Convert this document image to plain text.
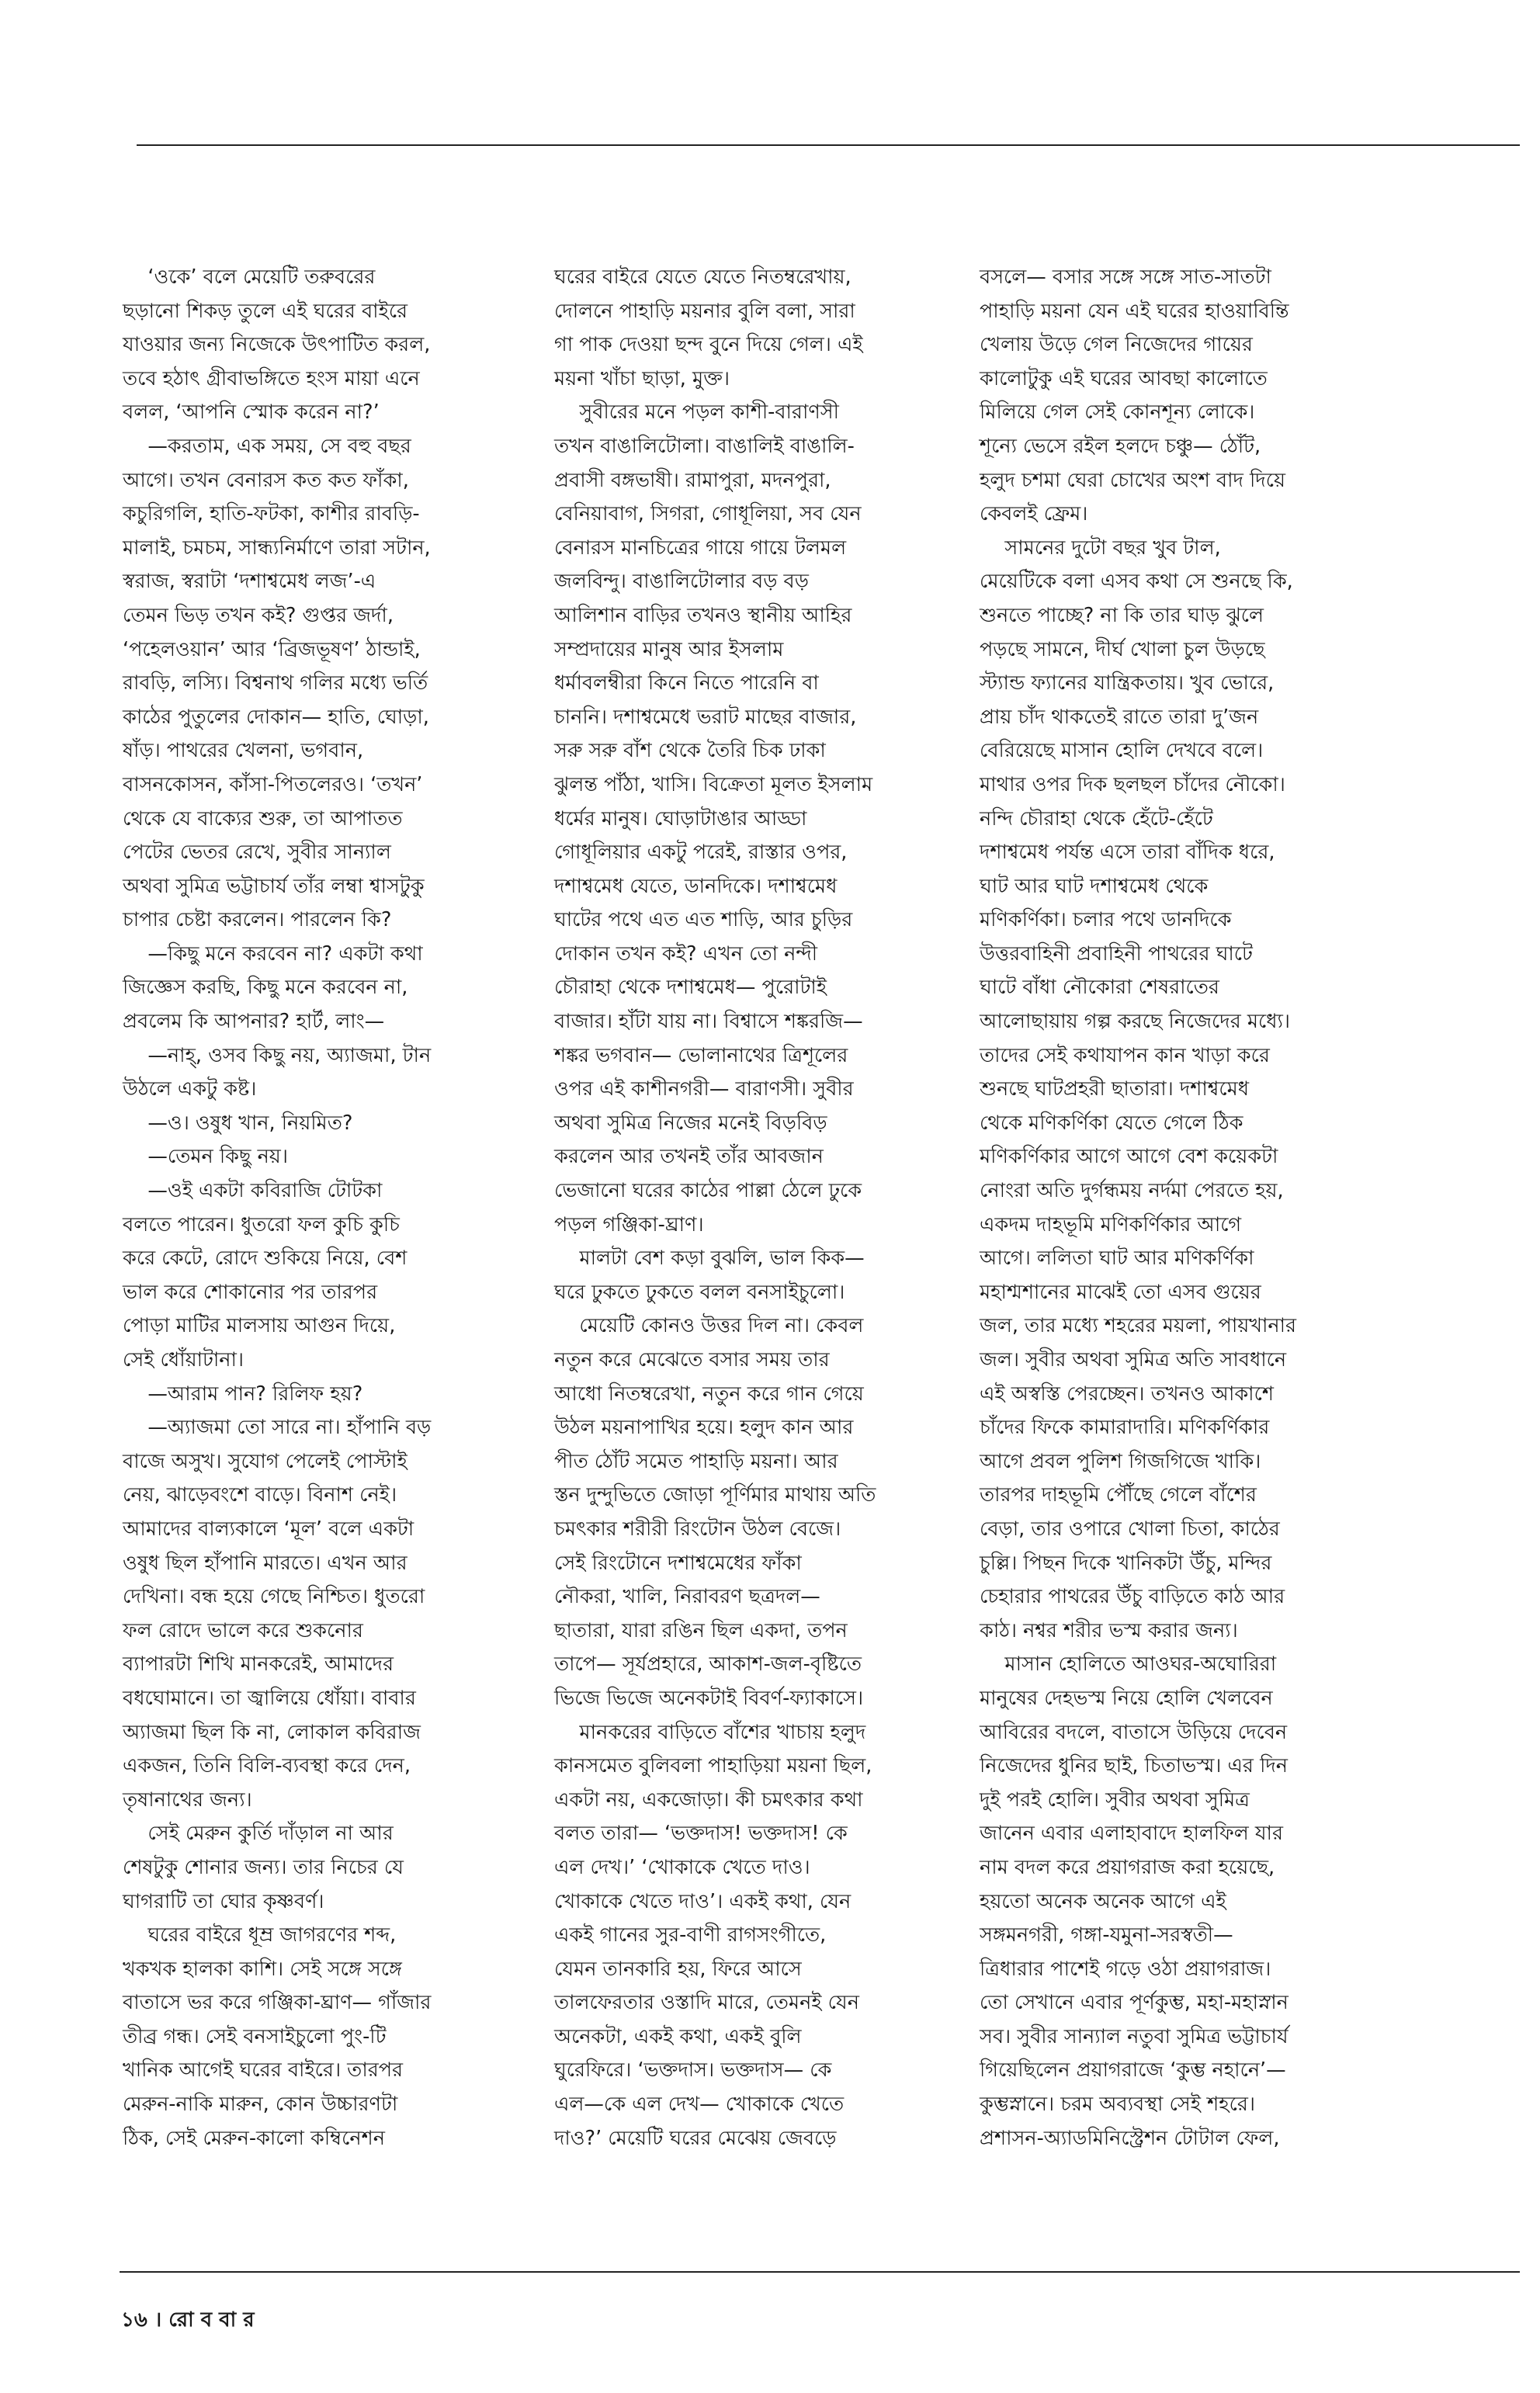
‘ওকে’ বলে মেয়েটি তরুবরের

ছড়ানো শিকড় তুলে এই ঘরের বাইরে

যাওয়ার জন্য নিজেকে উৎপাটিত করল,

তবে হঠাৎ গ্রীবাভঙ্গিতে হংস মায়া এনে

বলল, ‘আপনি স্মোক করেন না?’

—করতাম, এক সময়, সে বহু বছর

আগে। তখন বেনারস কত কত ফাঁকা,

কচুরিগলি, হাতি-ফটকা, কাশীর রাবড়ি-

মালাই, চমচম, সান্ধ্যনির্মাণে তারা সটান,

স্বরাজ, স্বরাটা ‘দশাশ্বমেধ লজ’-এ

তেমন ভিড় তখন কই? গুপ্তর জর্দা,

‘পহেলওয়ান’ আর ‘ব্রিজভূষণ’ ঠান্ডাই,

রাবড়ি, লস্যি। বিশ্বনাথ গলির মধ্যে ভর্তি

কাঠের পুতুলের দোকান— হাতি, ঘোড়া,

ষাঁড়। পাথরের খেলনা, ভগবান,

বাসনকোসন, কাঁসা-পিতলেরও। ‘তখন’

থেকে যে বাক্যের শুরু, তা আপাতত

পেটের ভেতর রেখে, সুবীর সান্যাল

অথবা সুমিত্র ভট্টাচার্য তাঁর লম্বা শ্বাসটুকু

চাপার চেষ্টা করলেন। পারলেন কি?

—কিছু মনে করবেন না? একটা কথা

জিজ্ঞেস করছি, কিছু মনে করবেন না,

প্রবলেম কি আপনার? হার্ট, লাং—

—নাহ্, ওসব কিছু নয়, অ্যাজমা, টান

উঠলে একটু কষ্ট।

—ও। ওষুধ খান, নিয়মিত?

—তেমন কিছু নয়।

—ওই একটা কবিরাজি টোটকা

বলতে পারেন। ধুতরো ফল কুচি কুচি

করে কেটে, রোদে শুকিয়ে নিয়ে, বেশ

ভাল করে শোকানোর পর তারপর

পোড়া মাটির মালসায় আগুন দিয়ে,

সেই ধোঁয়াটানা।

—আরাম পান? রিলিফ হয়?

—অ্যাজমা তো সারে না। হাঁপানি বড়

বাজে অসুখ। সুযোগ পেলেই পোস্টাই

নেয়, ঝাড়েবংশে বাড়ে। বিনাশ নেই।

আমাদের বাল্যকালে ‘মূল’ বলে একটা

ওষুধ ছিল হাঁপানি মারতে। এখন আর

দেখিনা। বন্ধ হয়ে গেছে নিশ্চিত। ধুতরো

ফল রোদে ভালে করে শুকনোর

ব্যাপারটা শিখি মানকরেই, আমাদের

বধঘোমানে। তা জ্বালিয়ে ধোঁয়া। বাবার

অ্যাজমা ছিল কি না, লোকাল কবিরাজ

একজন, তিনি বিলি-ব্যবস্থা করে দেন,

তৃষানাথের জন্য।

সেই মেরুন কুর্তি দাঁড়াল না আর

শেষটুকু শোনার জন্য। তার নিচের যে

ঘাগরাটি তা ঘোর কৃষ্ণবর্ণ।

ঘরের বাইরে ধূম্র জাগরণের শব্দ,

খকখক হালকা কাশি। সেই সঙ্গে সঙ্গে

বাতাসে ভর করে গঞ্জিকা-ঘ্রাণ— গাঁজার

তীব্র গন্ধ। সেই বনসাইচুলো পুং-টি

খানিক আগেই ঘরের বাইরে। তারপর

মেরুন-নাকি মারুন, কোন উচ্চারণটা

ঠিক, সেই মেরুন-কালো কম্বিনেশন

ঘরের বাইরে যেতে যেতে নিতম্বরেখায়,

দোলনে পাহাড়ি ময়নার বুলি বলা, সারা

গা পাক দেওয়া ছন্দ বুনে দিয়ে গেল। এই

ময়না খাঁচা ছাড়া, মুক্ত।

সুবীরের মনে পড়ল কাশী-বারাণসী

তখন বাঙালিটোলা। বাঙালিই বাঙালি-

প্রবাসী বঙ্গভাষী। রামাপুরা, মদনপুরা,

বেনিয়াবাগ, সিগরা, গোধূলিয়া, সব যেন

বেনারস মানচিত্রের গায়ে গায়ে টলমল

জলবিন্দু। বাঙালিটোলার বড় বড়

আলিশান বাড়ির তখনও স্থানীয় আহির

সম্প্রদায়ের মানুষ আর ইসলাম

ধর্মাবলম্বীরা কিনে নিতে পারেনি বা

চাননি। দশাশ্বমেধে ভরাট মাছের বাজার,

সরু সরু বাঁশ থেকে তৈরি চিক ঢাকা

ঝুলন্ত পাঁঠা, খাসি। বিক্রেতা মূলত ইসলাম

ধর্মের মানুষ। ঘোড়াটাঙার আড্ডা

গোধূলিয়ার একটু পরেই, রাস্তার ওপর,

দশাশ্বমেধ যেতে, ডানদিকে। দশাশ্বমেধ

ঘাটের পথে এত এত শাড়ি, আর চুড়ির

দোকান তখন কই? এখন তো নন্দী

চৌরাহা থেকে দশাশ্বমেধ— পুরোটাই

বাজার। হাঁটা যায় না। বিশ্বাসে শঙ্করজি—

শঙ্কর ভগবান— ভোলানাথের ত্রিশূলের

ওপর এই কাশীনগরী— বারাণসী। সুবীর

অথবা সুমিত্র নিজের মনেই বিড়বিড়

করলেন আর তখনই তাঁর আবজান

ভেজানো ঘরের কাঠের পাল্লা ঠেলে ঢুকে

পড়ল গঞ্জিকা-ঘ্রাণ।

মালটা বেশ কড়া বুঝলি, ভাল কিক—

ঘরে ঢুকতে ঢুকতে বলল বনসাইচুলো।

মেয়েটি কোনও উত্তর দিল না। কেবল

নতুন করে মেঝেতে বসার সময় তার

আধো নিতম্বরেখা, নতুন করে গান গেয়ে

উঠল ময়নাপাখির হয়ে। হলুদ কান আর

পীত ঠোঁট সমেত পাহাড়ি ময়না। আর

স্তন দুন্দুভিতে জোড়া পূর্ণিমার মাথায় অতি

চমৎকার শরীরী রিংটোন উঠল বেজে।

সেই রিংটোনে দশাশ্বমেধের ফাঁকা

নৌকরা, খালি, নিরাবরণ ছত্রদল—

ছাতারা, যারা রঙিন ছিল একদা, তপন

তাপে— সূর্যপ্রহারে, আকাশ-জল-বৃষ্টিতে

ভিজে ভিজে অনেকটাই বিবর্ণ-ফ্যাকাসে।

মানকরের বাড়িতে বাঁশের খাচায় হলুদ

কানসমেত বুলিবলা পাহাড়িয়া ময়না ছিল,

একটা নয়, একজোড়া। কী চমৎকার কথা

বলত তারা— ‘ভক্তদাস! ভক্তদাস! কে

এল দেখ।’ ‘খোকাকে খেতে দাও।

খোকাকে খেতে দাও’। একই কথা, যেন

একই গানের সুর-বাণী রাগসংগীতে,

যেমন তানকারি হয়, ফিরে আসে

তালফেরতার ওস্তাদি মারে, তেমনই যেন

অনেকটা, একই কথা, একই বুলি

ঘুরেফিরে। ‘ভক্তদাস। ভক্তদাস— কে

এল—কে এল দেখ— খোকাকে খেতে

দাও?’ মেয়েটি ঘরের মেঝেয় জেবড়ে

বসলে— বসার সঙ্গে সঙ্গে সাত-সাতটা

পাহাড়ি ময়না যেন এই ঘরের হাওয়াবিন্তি

খেলায় উড়ে গেল নিজেদের গায়ের

কালোটুকু এই ঘরের আবছা কালোতে

মিলিয়ে গেল সেই কোনশূন্য লোকে।

শূন্যে ভেসে রইল হলদে চঞ্চু— ঠোঁট,

হলুদ চশমা ঘেরা চোখের অংশ বাদ দিয়ে

কেবলই ফ্রেম।

সামনের দুটো বছর খুব টাল,

মেয়েটিকে বলা এসব কথা সে শুনছে কি,

শুনতে পাচ্ছে? না কি তার ঘাড় ঝুলে

পড়ছে সামনে, দীর্ঘ খোলা চুল উড়ছে

স্ট্যান্ড ফ্যানের যান্ত্রিকতায়। খুব ভোরে,

প্রায় চাঁদ থাকতেই রাতে তারা দু’জন

বেরিয়েছে মাসান হোলি দেখবে বলে।

মাথার ওপর দিক ছলছল চাঁদের নৌকো।

নন্দি চৌরাহা থেকে হেঁটে-হেঁটে

দশাশ্বমেধ পর্যন্ত এসে তারা বাঁদিক ধরে,

ঘাট আর ঘাট দশাশ্বমেধ থেকে

মণিকর্ণিকা। চলার পথে ডানদিকে

উত্তরবাহিনী প্রবাহিনী পাথরের ঘাটে

ঘাটে বাঁধা নৌকোরা শেষরাতের

আলোছায়ায় গল্প করছে নিজেদের মধ্যে।

তাদের সেই কথাযাপন কান খাড়া করে

শুনছে ঘাটপ্রহরী ছাতারা। দশাশ্বমেধ

থেকে মণিকর্ণিকা যেতে গেলে ঠিক

মণিকর্ণিকার আগে আগে বেশ কয়েকটা

নোংরা অতি দুর্গন্ধময় নর্দমা পেরতে হয়,

একদম দাহভূমি মণিকর্ণিকার আগে

আগে। ললিতা ঘাট আর মণিকর্ণিকা

মহাশ্মশানের মাঝেই তো এসব গুয়ের

জল, তার মধ্যে শহরের ময়লা, পায়খানার

জল। সুবীর অথবা সুমিত্র অতি সাবধানে

এই অস্বস্তি পেরচ্ছেন। তখনও আকাশে

চাঁদের ফিকে কামারাদারি। মণিকর্ণিকার

আগে প্রবল পুলিশ গিজগিজে খাকি।

তারপর দাহভূমি পৌঁছে গেলে বাঁশের

বেড়া, তার ওপারে খোলা চিতা, কাঠের

চুল্লি। পিছন দিকে খানিকটা উঁচু, মন্দির

চেহারার পাথরের উঁচু বাড়িতে কাঠ আর

কাঠ। নশ্বর শরীর ভস্ম করার জন্য।

মাসান হোলিতে আওঘর-অঘোরিরা

মানুষের দেহভস্ম নিয়ে হোলি খেলবেন

আবিরের বদলে, বাতাসে উড়িয়ে দেবেন

নিজেদের ধুনির ছাই, চিতাভস্ম। এর দিন

দুই পরই হোলি। সুবীর অথবা সুমিত্র

জানেন এবার এলাহাবাদে হালফিল যার

নাম বদল করে প্রয়াগরাজ করা হয়েছে,

হয়তো অনেক অনেক আগে এই

সঙ্গমনগরী, গঙ্গা-যমুনা-সরস্বতী—

ত্রিধারার পাশেই গড়ে ওঠা প্রয়াগরাজ।

তো সেখানে এবার পূর্ণকুম্ভ, মহা-মহাস্নান

সব। সুবীর সান্যাল নতুবা সুমিত্র ভট্টাচার্য

গিয়েছিলেন প্রয়াগরাজে ‘কুম্ভ নহানে’—

কুম্ভস্নানে। চরম অব্যবস্থা সেই শহরে।

প্রশাসন-অ্যাডমিনিস্ট্রেশন টোটাল ফেল,

১৬ । রো ব বা র
